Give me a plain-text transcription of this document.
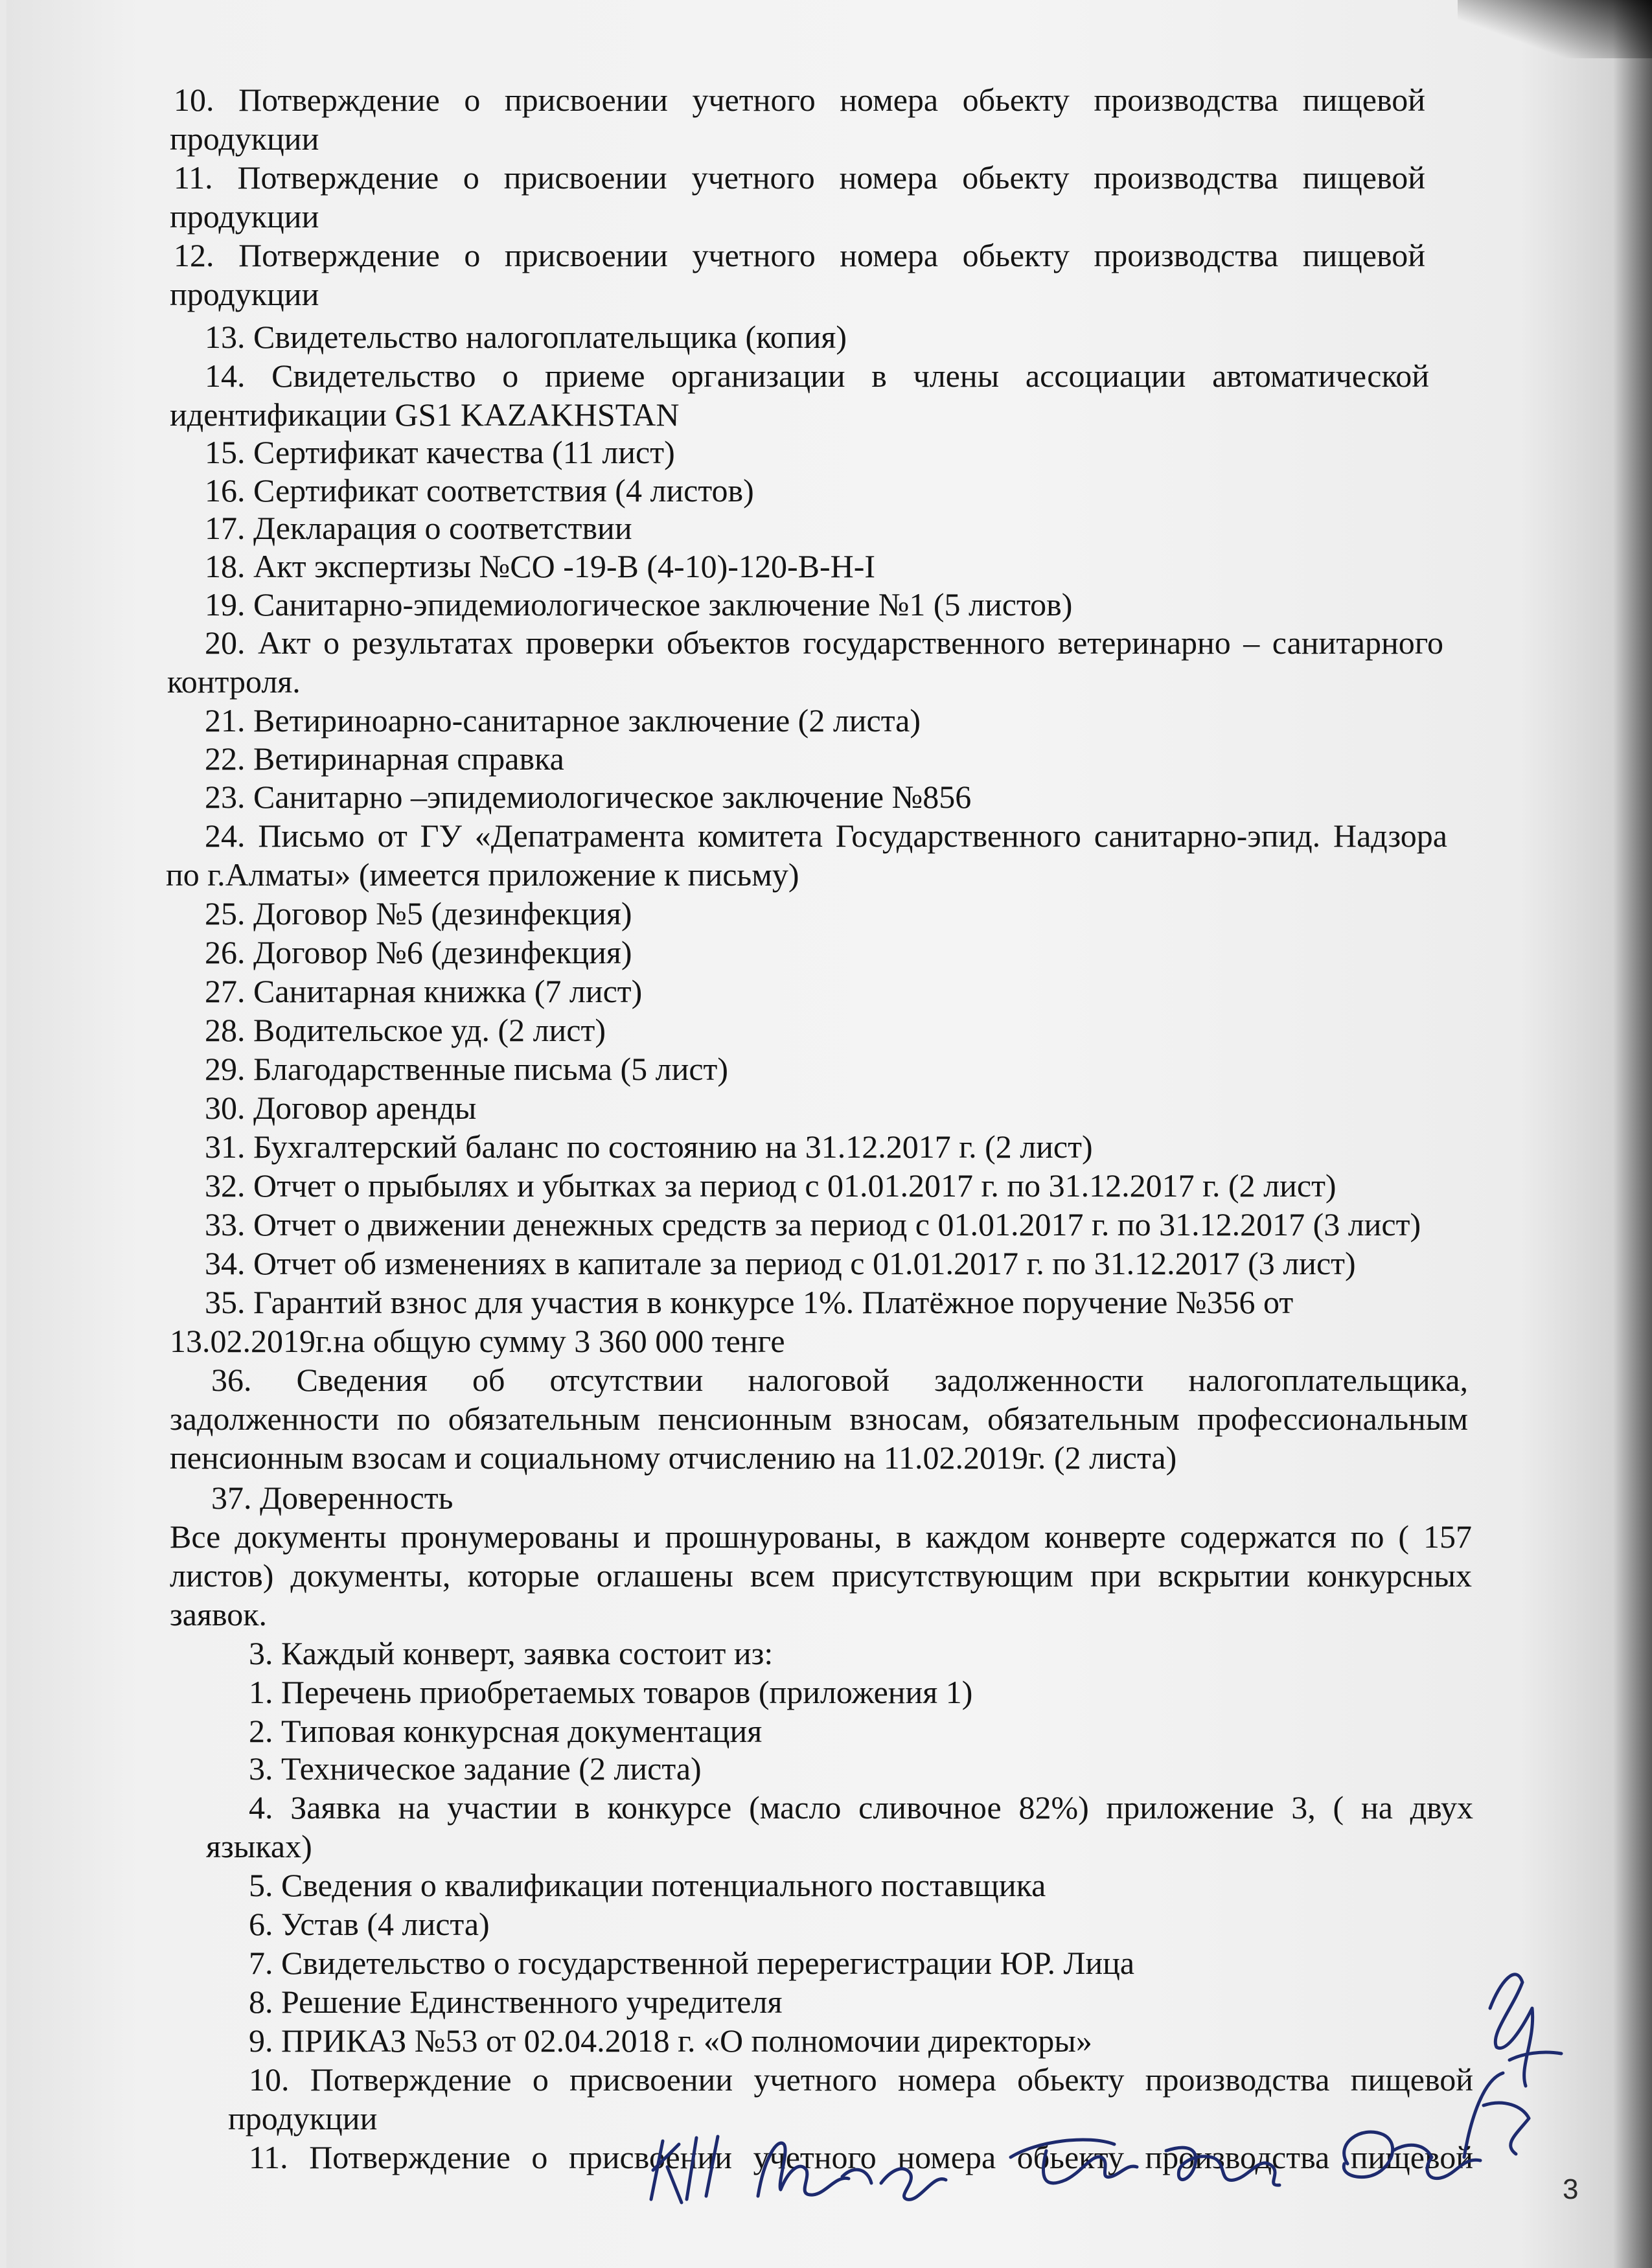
10. Потверждение о присвоении учетного номера обьекту производства пищевой
продукции
11. Потверждение о присвоении учетного номера обьекту производства пищевой
продукции
12. Потверждение о присвоении учетного номера обьекту производства пищевой
продукции
13. Свидетельство налогоплательщика (копия)
14. Свидетельство о приеме организации в члены ассоциации автоматической
идентификации GS1 KAZAKHSTAN
15. Сертификат качества (11 лист)
16. Сертификат соответствия (4 листов)
17. Декларация о соответствии
18. Акт экспертизы №СО -19-В (4-10)-120-В-Н-I
19. Санитарно-эпидемиологическое заключение №1 (5 листов)
20. Акт о результатах проверки объектов государственного ветеринарно – санитарного
контроля.
21. Ветириноарно-санитарное заключение (2 листа)
22. Ветиринарная справка
23. Санитарно –эпидемиологическое заключение №856
24. Письмо от ГУ «Депатрамента комитета Государственного санитарно-эпид. Надзора
по г.Алматы» (имеется приложение к письму)
25. Договор №5 (дезинфекция)
26. Договор №6 (дезинфекция)
27. Санитарная книжка (7 лист)
28. Водительское уд. (2 лист)
29. Благодарственные письма (5 лист)
30. Договор аренды
31. Бухгалтерский баланс по состоянию на 31.12.2017 г. (2 лист)
32. Отчет о прыбылях и убытках за период с 01.01.2017 г. по 31.12.2017 г. (2 лист)
33. Отчет о движении денежных средств за период с 01.01.2017 г. по 31.12.2017 (3 лист)
34. Отчет об изменениях в капитале за период с 01.01.2017 г. по 31.12.2017 (3 лист)
35. Гарантий взнос для участия в конкурсе 1%. Платёжное поручение №356 от
13.02.2019г.на общую сумму 3 360 000 тенге
36. Сведения об отсутствии налоговой задолженности налогоплательщика,
задолженности по обязательным пенсионным взносам, обязательным профессиональным
пенсионным взосам и социальному отчислению на 11.02.2019г. (2 листа)
37. Доверенность
Все документы пронумерованы и прошнурованы, в каждом конверте содержатся по ( 157
листов) документы, которые оглашены всем присутствующим при вскрытии конкурсных
заявок.
3. Каждый конверт, заявка состоит из:
1. Перечень приобретаемых товаров (приложения 1)
2. Типовая конкурсная документация
3. Техническое задание (2 листа)
4. Заявка на участии в конкурсе (масло сливочное 82%) приложение 3, ( на двух
языках)
5. Сведения о квалификации потенциального поставщика
6. Устав (4 листа)
7. Свидетельство о государственной перерегистрации ЮР. Лица
8. Решение Единственного учредителя
9. ПРИКАЗ №53 от 02.04.2018 г. «О полномочии директоры»
10. Потверждение о присвоении учетного номера обьекту производства пищевой
продукции
11. Потверждение о присвоении учетного номера обьекту производства пищевой
3
